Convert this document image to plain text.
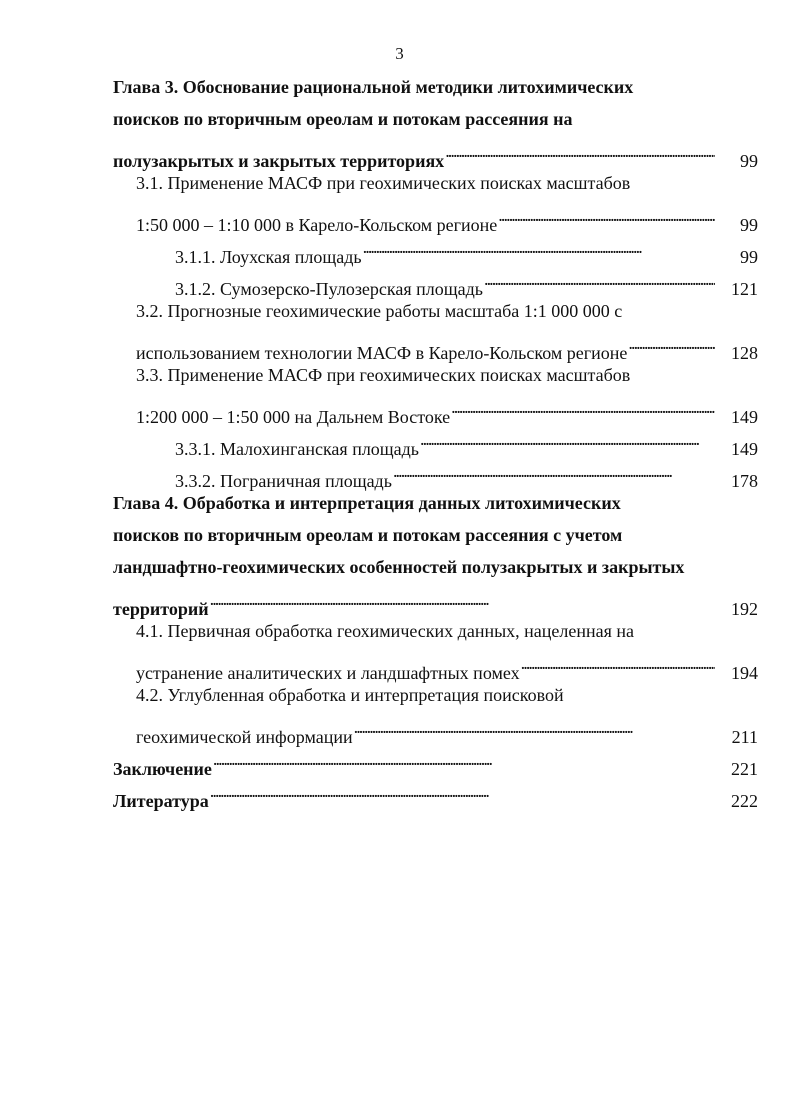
3
Глава 3. Обоснование рациональной методики литохимических
поисков по вторичным ореолам и потокам рассеяния на
полузакрытых и закрытых территориях . . .	99
3.1. Применение МАСФ при геохимических поисках масштабов
1:50 000 – 1:10 000 в Карело-Кольском регионе . . .	99
3.1.1. Лоухская площадь . . .	99
3.1.2. Сумозерско-Пулозерская площадь . . .	121
3.2. Прогнозные геохимические работы масштаба 1:1 000 000 с
использованием технологии МАСФ в Карело-Кольском регионе . . .	128
3.3. Применение МАСФ при геохимических поисках масштабов
1:200 000 – 1:50 000 на Дальнем Востоке . . .	149
3.3.1. Малохинганская площадь . . .	149
3.3.2. Пограничная площадь . . .	178
Глава 4. Обработка и интерпретация данных литохимических
поисков по вторичным ореолам и потокам рассеяния с учетом
ландшафтно-геохимических особенностей полузакрытых и закрытых
территорий . . .	192
4.1. Первичная обработка геохимических данных, нацеленная на
устранение аналитических и ландшафтных помех . . .	194
4.2. Углубленная обработка и интерпретация поисковой
геохимической информации . . .	211
Заключение . . .	221
Литература . . .	222
